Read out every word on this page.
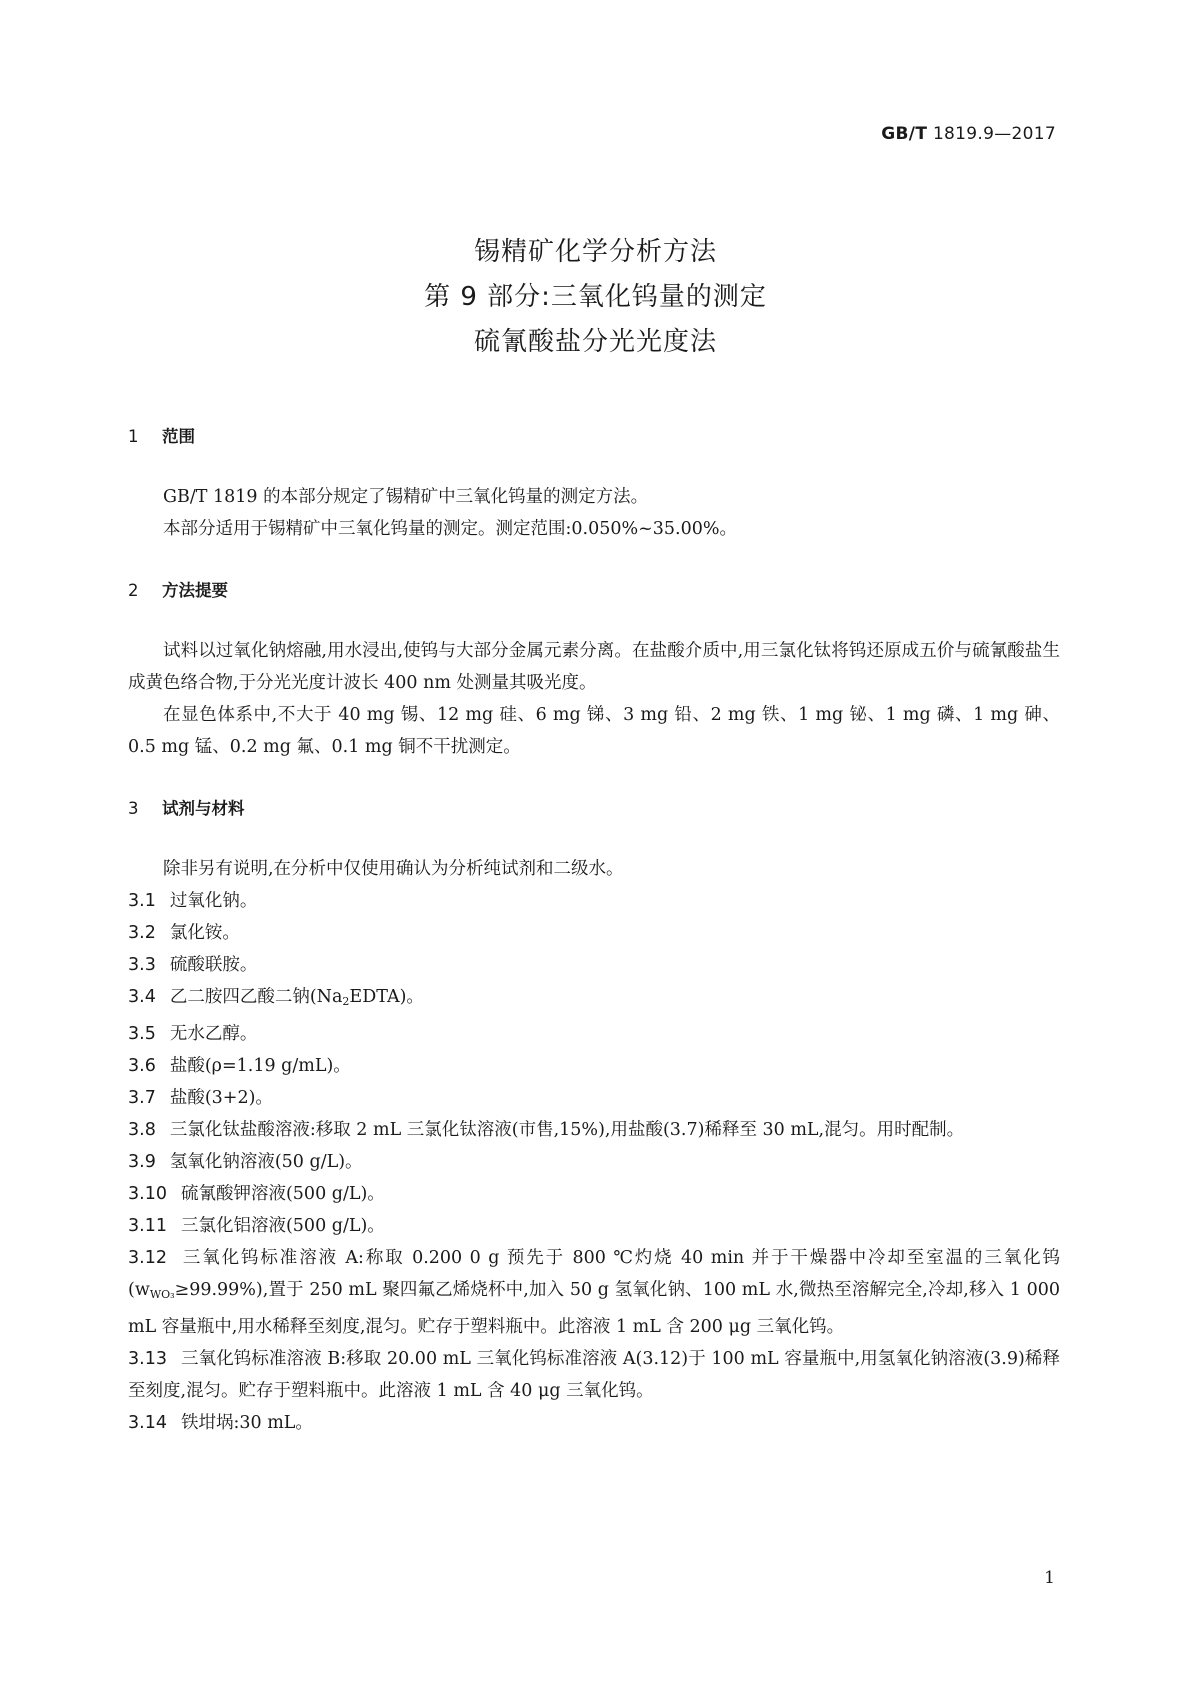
GB/T 1819.9—2017
锡精矿化学分析方法
第 9 部分:三氧化钨量的测定
硫氰酸盐分光光度法
1 范围
GB/T 1819 的本部分规定了锡精矿中三氧化钨量的测定方法。
本部分适用于锡精矿中三氧化钨量的测定。测定范围:0.050%~35.00%。
2 方法提要
试料以过氧化钠熔融,用水浸出,使钨与大部分金属元素分离。在盐酸介质中,用三氯化钛将钨还原成五价与硫氰酸盐生成黄色络合物,于分光光度计波长 400 nm 处测量其吸光度。
在显色体系中,不大于 40 mg 锡、12 mg 硅、6 mg 锑、3 mg 铅、2 mg 铁、1 mg 铋、1 mg 磷、1 mg 砷、0.5 mg 锰、0.2 mg 氟、0.1 mg 铜不干扰测定。
3 试剂与材料
除非另有说明,在分析中仅使用确认为分析纯试剂和二级水。
3.1 过氧化钠。
3.2 氯化铵。
3.3 硫酸联胺。
3.4 乙二胺四乙酸二钠$(Na_2EDTA)$。
3.5 无水乙醇。
3.6 盐酸(ρ=1.19 g/mL)。
3.7 盐酸(3+2)。
3.8 三氯化钛盐酸溶液:移取 2 mL 三氯化钛溶液(市售,15%),用盐酸(3.7)稀释至 30 mL,混匀。用时配制。
3.9 氢氧化钠溶液(50 g/L)。
3.10 硫氰酸钾溶液(500 g/L)。
3.11 三氯化铝溶液(500 g/L)。
3.12 三氧化钨标准溶液 A:称取 0.200 0 g 预先于 800 ℃灼烧 40 min 并于干燥器中冷却至室温的三氧化钨$(w_{WO_3}\ge 99.99\%)$,置于 250 mL 聚四氟乙烯烧杯中,加入 50 g 氢氧化钠、100 mL 水,微热至溶解完全,冷却,移入 1 000 mL 容量瓶中,用水稀释至刻度,混匀。贮存于塑料瓶中。此溶液 1 mL 含 200 μg 三氧化钨。
3.13 三氧化钨标准溶液 B:移取 20.00 mL 三氧化钨标准溶液 A(3.12)于 100 mL 容量瓶中,用氢氧化钠溶液(3.9)稀释至刻度,混匀。贮存于塑料瓶中。此溶液 1 mL 含 40 μg 三氧化钨。
3.14 铁坩埚:30 mL。
1
